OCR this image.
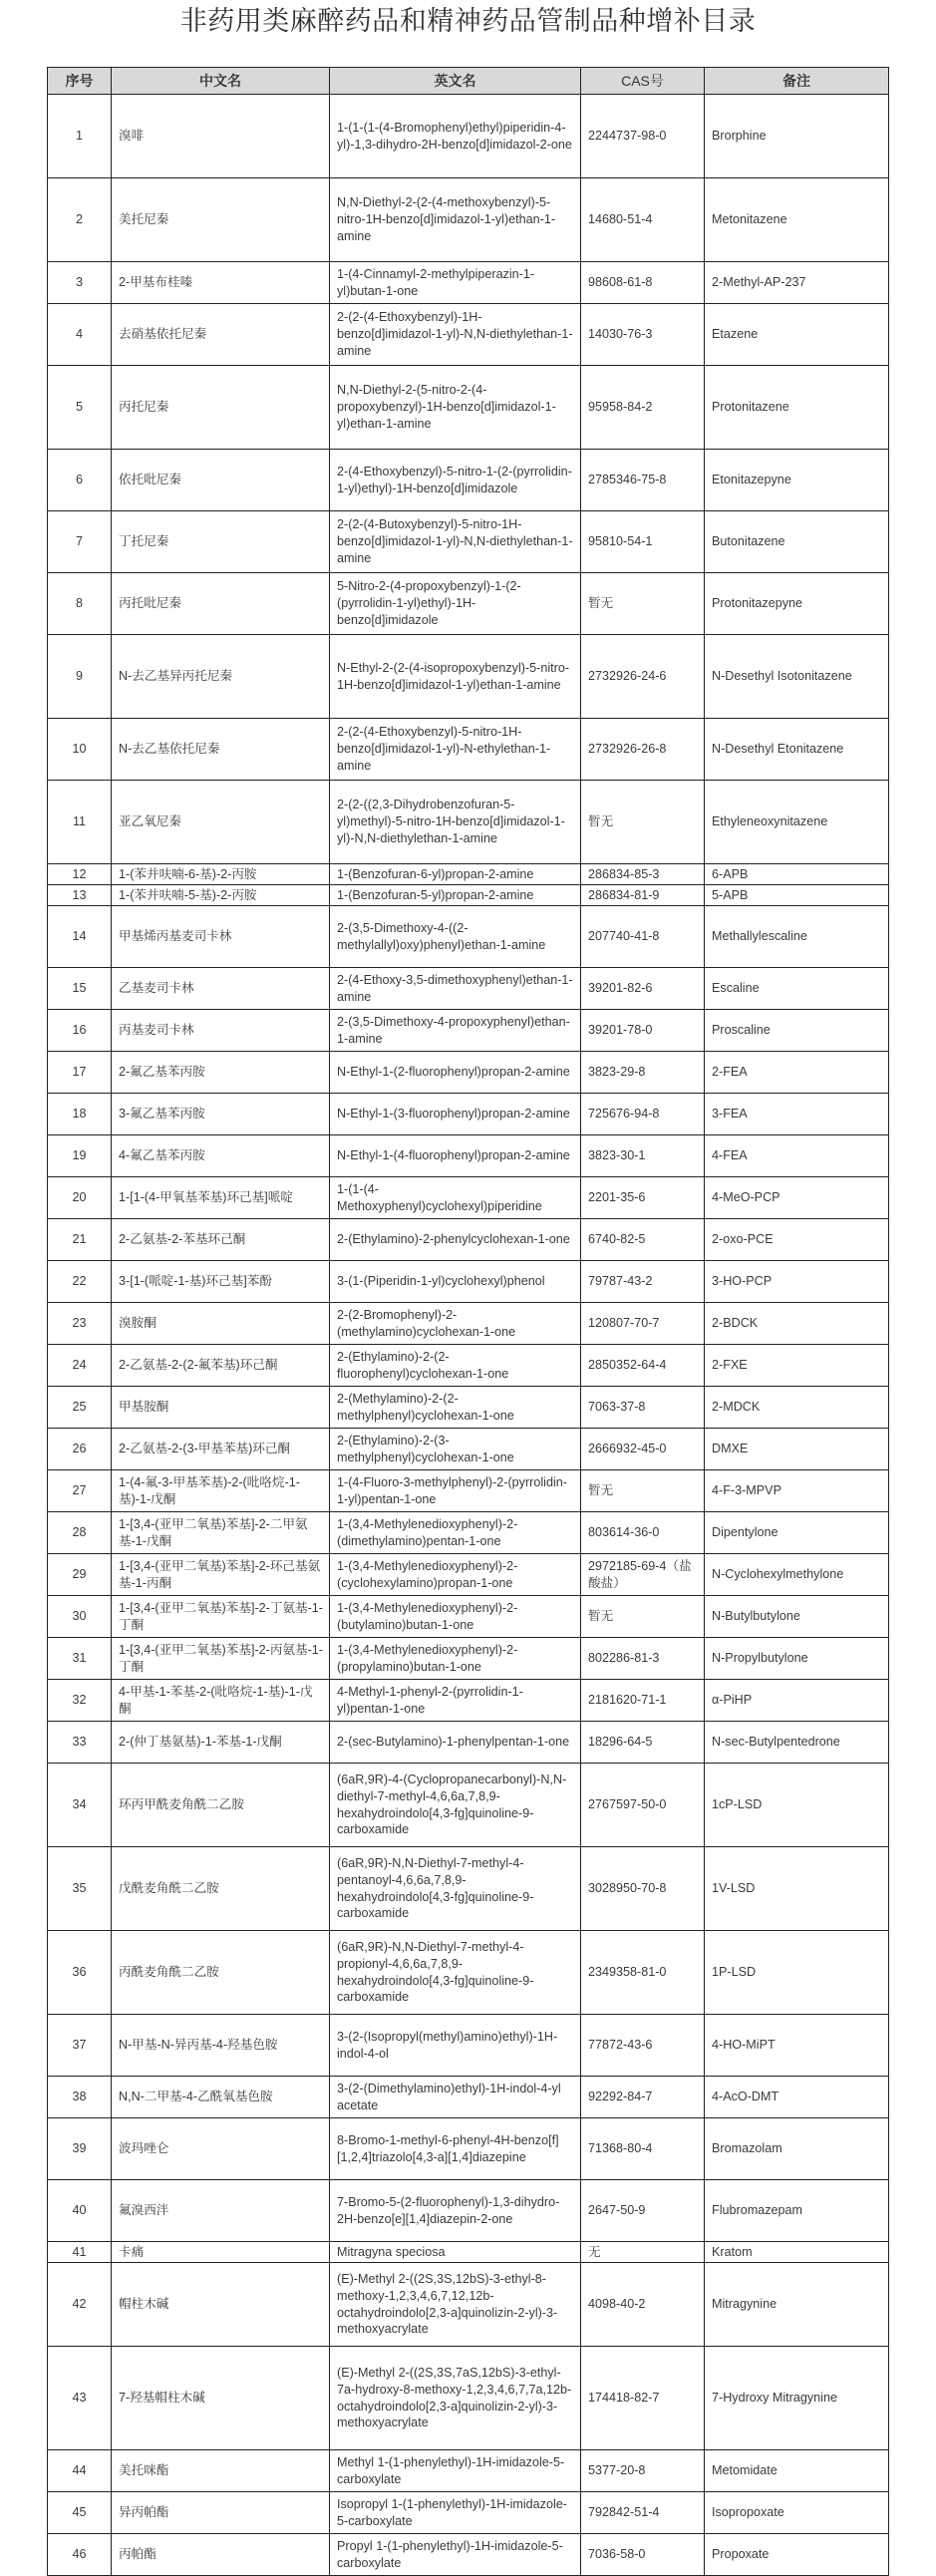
非药用类麻醉药品和精神药品管制品种增补目录
序号	中文名	英文名	CAS号	备注
1	溴啡	1-(1-(1-(4-Bromophenyl)ethyl)piperidin-4-yl)-1,3-dihydro-2H-benzo[d]imidazol-2-one	2244737-98-0	Brorphine
2	美托尼秦	N,N-Diethyl-2-(2-(4-methoxybenzyl)-5-nitro-1H-benzo[d]imidazol-1-yl)ethan-1-amine	14680-51-4	Metonitazene
3	2-甲基布桂嗪	1-(4-Cinnamyl-2-methylpiperazin-1-yl)butan-1-one	98608-61-8	2-Methyl-AP-237
4	去硝基依托尼秦	2-(2-(4-Ethoxybenzyl)-1H-benzo[d]imidazol-1-yl)-N,N-diethylethan-1-amine	14030-76-3	Etazene
5	丙托尼秦	N,N-Diethyl-2-(5-nitro-2-(4-propoxybenzyl)-1H-benzo[d]imidazol-1-yl)ethan-1-amine	95958-84-2	Protonitazene
6	依托吡尼秦	2-(4-Ethoxybenzyl)-5-nitro-1-(2-(pyrrolidin-1-yl)ethyl)-1H-benzo[d]imidazole	2785346-75-8	Etonitazepyne
7	丁托尼秦	2-(2-(4-Butoxybenzyl)-5-nitro-1H-benzo[d]imidazol-1-yl)-N,N-diethylethan-1-amine	95810-54-1	Butonitazene
8	丙托吡尼秦	5-Nitro-2-(4-propoxybenzyl)-1-(2-(pyrrolidin-1-yl)ethyl)-1H-benzo[d]imidazole	暂无	Protonitazepyne
9	N-去乙基异丙托尼秦	N-Ethyl-2-(2-(4-isopropoxybenzyl)-5-nitro-1H-benzo[d]imidazol-1-yl)ethan-1-amine	2732926-24-6	N-Desethyl Isotonitazene
10	N-去乙基依托尼秦	2-(2-(4-Ethoxybenzyl)-5-nitro-1H-benzo[d]imidazol-1-yl)-N-ethylethan-1-amine	2732926-26-8	N-Desethyl Etonitazene
11	亚乙氧尼秦	2-(2-((2,3-Dihydrobenzofuran-5-yl)methyl)-5-nitro-1H-benzo[d]imidazol-1-yl)-N,N-diethylethan-1-amine	暂无	Ethyleneoxynitazene
12	1-(苯并呋喃-6-基)-2-丙胺	1-(Benzofuran-6-yl)propan-2-amine	286834-85-3	6-APB
13	1-(苯并呋喃-5-基)-2-丙胺	1-(Benzofuran-5-yl)propan-2-amine	286834-81-9	5-APB
14	甲基烯丙基麦司卡林	2-(3,5-Dimethoxy-4-((2-methylallyl)oxy)phenyl)ethan-1-amine	207740-41-8	Methallylescaline
15	乙基麦司卡林	2-(4-Ethoxy-3,5-dimethoxyphenyl)ethan-1-amine	39201-82-6	Escaline
16	丙基麦司卡林	2-(3,5-Dimethoxy-4-propoxyphenyl)ethan-1-amine	39201-78-0	Proscaline
17	2-氟乙基苯丙胺	N-Ethyl-1-(2-fluorophenyl)propan-2-amine	3823-29-8	2-FEA
18	3-氟乙基苯丙胺	N-Ethyl-1-(3-fluorophenyl)propan-2-amine	725676-94-8	3-FEA
19	4-氟乙基苯丙胺	N-Ethyl-1-(4-fluorophenyl)propan-2-amine	3823-30-1	4-FEA
20	1-[1-(4-甲氧基苯基)环己基]哌啶	1-(1-(4-Methoxyphenyl)cyclohexyl)piperidine	2201-35-6	4-MeO-PCP
21	2-乙氨基-2-苯基环己酮	2-(Ethylamino)-2-phenylcyclohexan-1-one	6740-82-5	2-oxo-PCE
22	3-[1-(哌啶-1-基)环己基]苯酚	3-(1-(Piperidin-1-yl)cyclohexyl)phenol	79787-43-2	3-HO-PCP
23	溴胺酮	2-(2-Bromophenyl)-2-(methylamino)cyclohexan-1-one	120807-70-7	2-BDCK
24	2-乙氨基-2-(2-氟苯基)环己酮	2-(Ethylamino)-2-(2-fluorophenyl)cyclohexan-1-one	2850352-64-4	2-FXE
25	甲基胺酮	2-(Methylamino)-2-(2-methylphenyl)cyclohexan-1-one	7063-37-8	2-MDCK
26	2-乙氨基-2-(3-甲基苯基)环己酮	2-(Ethylamino)-2-(3-methylphenyl)cyclohexan-1-one	2666932-45-0	DMXE
27	1-(4-氟-3-甲基苯基)-2-(吡咯烷-1-基)-1-戊酮	1-(4-Fluoro-3-methylphenyl)-2-(pyrrolidin-1-yl)pentan-1-one	暂无	4-F-3-MPVP
28	1-[3,4-(亚甲二氧基)苯基]-2-二甲氨基-1-戊酮	1-(3,4-Methylenedioxyphenyl)-2-(dimethylamino)pentan-1-one	803614-36-0	Dipentylone
29	1-[3,4-(亚甲二氧基)苯基]-2-环己基氨基-1-丙酮	1-(3,4-Methylenedioxyphenyl)-2-(cyclohexylamino)propan-1-one	2972185-69-4（盐酸盐）	N-Cyclohexylmethylone
30	1-[3,4-(亚甲二氧基)苯基]-2-丁氨基-1-丁酮	1-(3,4-Methylenedioxyphenyl)-2-(butylamino)butan-1-one	暂无	N-Butylbutylone
31	1-[3,4-(亚甲二氧基)苯基]-2-丙氨基-1-丁酮	1-(3,4-Methylenedioxyphenyl)-2-(propylamino)butan-1-one	802286-81-3	N-Propylbutylone
32	4-甲基-1-苯基-2-(吡咯烷-1-基)-1-戊酮	4-Methyl-1-phenyl-2-(pyrrolidin-1-yl)pentan-1-one	2181620-71-1	α-PiHP
33	2-(仲丁基氨基)-1-苯基-1-戊酮	2-(sec-Butylamino)-1-phenylpentan-1-one	18296-64-5	N-sec-Butylpentedrone
34	环丙甲酰麦角酰二乙胺	(6aR,9R)-4-(Cyclopropanecarbonyl)-N,N-diethyl-7-methyl-4,6,6a,7,8,9-hexahydroindolo[4,3-fg]quinoline-9-carboxamide	2767597-50-0	1cP-LSD
35	戊酰麦角酰二乙胺	(6aR,9R)-N,N-Diethyl-7-methyl-4-pentanoyl-4,6,6a,7,8,9-hexahydroindolo[4,3-fg]quinoline-9-carboxamide	3028950-70-8	1V-LSD
36	丙酰麦角酰二乙胺	(6aR,9R)-N,N-Diethyl-7-methyl-4-propionyl-4,6,6a,7,8,9-hexahydroindolo[4,3-fg]quinoline-9-carboxamide	2349358-81-0	1P-LSD
37	N-甲基-N-异丙基-4-羟基色胺	3-(2-(Isopropyl(methyl)amino)ethyl)-1H-indol-4-ol	77872-43-6	4-HO-MiPT
38	N,N-二甲基-4-乙酰氧基色胺	3-(2-(Dimethylamino)ethyl)-1H-indol-4-yl acetate	92292-84-7	4-AcO-DMT
39	波玛唑仑	8-Bromo-1-methyl-6-phenyl-4H-benzo[f][1,2,4]triazolo[4,3-a][1,4]diazepine	71368-80-4	Bromazolam
40	氟溴西泮	7-Bromo-5-(2-fluorophenyl)-1,3-dihydro-2H-benzo[e][1,4]diazepin-2-one	2647-50-9	Flubromazepam
41	卡痛	Mitragyna speciosa	无	Kratom
42	帽柱木碱	(E)-Methyl 2-((2S,3S,12bS)-3-ethyl-8-methoxy-1,2,3,4,6,7,12,12b-octahydroindolo[2,3-a]quinolizin-2-yl)-3-methoxyacrylate	4098-40-2	Mitragynine
43	7-羟基帽柱木碱	(E)-Methyl 2-((2S,3S,7aS,12bS)-3-ethyl-7a-hydroxy-8-methoxy-1,2,3,4,6,7,7a,12b-octahydroindolo[2,3-a]quinolizin-2-yl)-3-methoxyacrylate	174418-82-7	7-Hydroxy Mitragynine
44	美托咪酯	Methyl 1-(1-phenylethyl)-1H-imidazole-5-carboxylate	5377-20-8	Metomidate
45	异丙帕酯	Isopropyl 1-(1-phenylethyl)-1H-imidazole-5-carboxylate	792842-51-4	Isopropoxate
46	丙帕酯	Propyl 1-(1-phenylethyl)-1H-imidazole-5-carboxylate	7036-58-0	Propoxate
